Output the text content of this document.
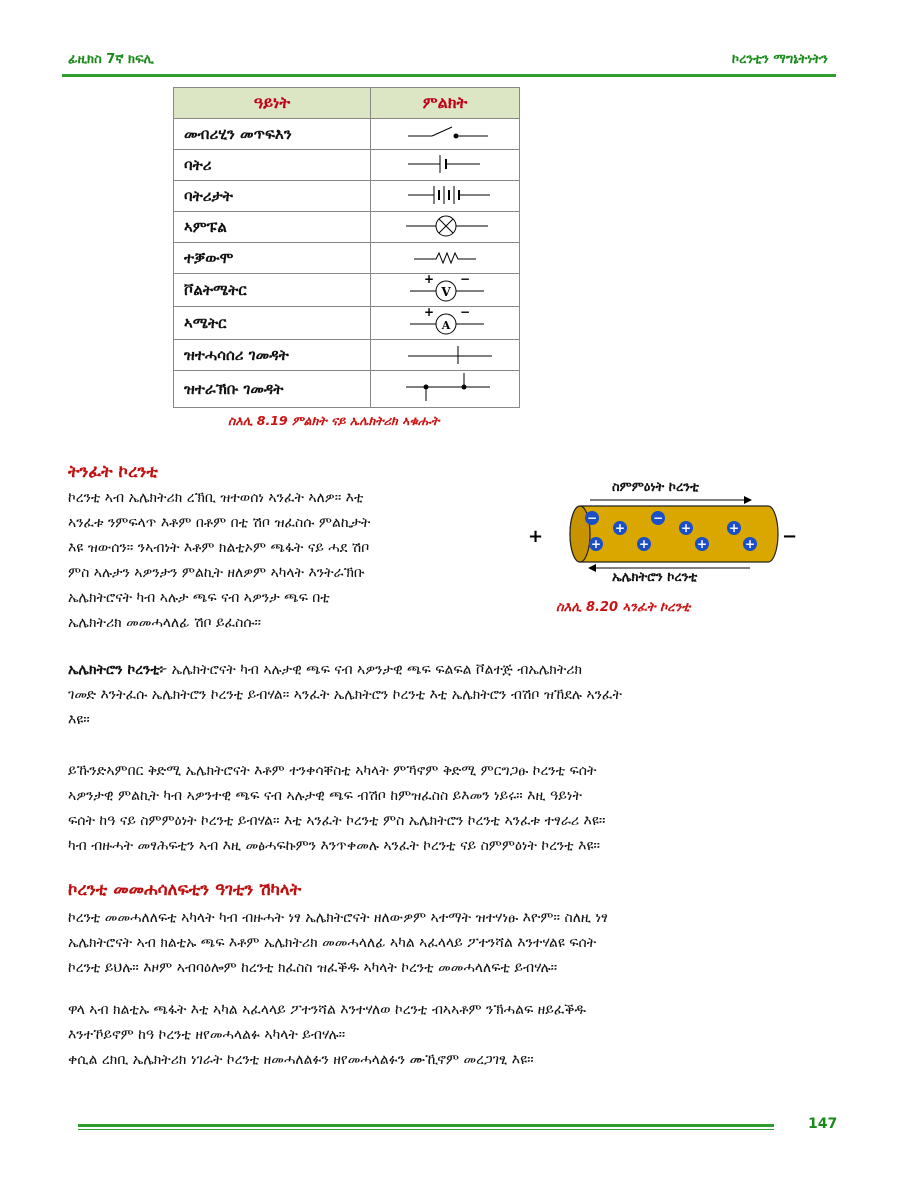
ፊዚክስ 7ኛ ክፍሊ	ኮረንቲን ማግኔትነትን
ዓይነት	ምልክት
መብሪሂን መጥፍእን	
ባትሪ	
ባትሪታት	
ኣምፑል	
ተቓውሞ	
ቮልትሜትር	+ −
V

ኣሜትር	+ −
A

ዝተሓሳሰሪ ገመዳት	
ዝተራኽቡ ገመዳት	
ስእሊ 8.19 ምልክት ናይ ኤሌክትሪክ ኣቁሑት
ትንፈት ኮረንቲ
ኮረንቲ ኣብ ኤሌክትሪክ ረኽቢ ዝተወሰነ ኣንፈት ኣለዎ። እቲ
ኣንፈቱ ንምፍላጥ እቶም በቶም በቲ ሽቦ ዝፈስሱ ምልኪታት
እዩ ዝውሰን። ንኣብነት እቶም ክልቲኦም ጫፋት ናይ ሓደ ሽቦ
ምስ ኣሉታን ኣዎንታን ምልኪት ዘለዎም ኣካላት እንትራኽቡ
ኤሌክትሮናት ካብ ኣሉታ ጫፍ ናብ ኣዎንታ ጫፍ በቲ
ኤሌክትሪክ መመሓላለፊ ሽቦ ይፈስሱ።
−	−
+	+	+
+	+	+	+
+	−
ስምምዕነት ኮረንቲ
ኤሌክትሮን ኮረንቲ
ስእሊ 8.20 ኣንፈት ኮረንቲ
ኤሌክትሮን ኮረንቲ፦ ኤሌክትሮናት ካብ ኣሉታዊ ጫፍ ናብ ኣዎንታዊ ጫፍ ፍልፍል ቮልተጅ ብኤሌክትሪክ
ገመድ እንትፈሱ ኤሌክትሮን ኮረንቲ ይብሃል። ኣንፈት ኤሌክትሮን ኮረንቲ እቲ ኤሌክትሮን ብሽቦ ዝኸደሉ ኣንፈት
እዩ።
ይኹንድኣምበር ቅድሚ ኤሌክትሮናት እቶም ተንቀሳቐስቲ ኣካላት ምኻኖም ቅድሚ ምርግጋፁ ኮረንቲ ፍሰት
ኣዎንታዊ ምልኪት ካብ ኣዎንተዊ ጫፍ ናብ ኣሉታዊ ጫፍ ብሽቦ ከምዝፈስስ ይእመን ነይሩ። እዚ ዓይነት
ፍሰት ከዓ ናይ ስምምዕነት ኮረንቲ ይብሃል። እቲ ኣንፈት ኮረንቲ ምስ ኤሌክትሮን ኮረንቲ ኣንፈቱ ተፃራሪ እዩ።
ካብ ብዙሓት መፃሕፍቲን ኣብ እዚ መፅሓፍኩምን እንጥቀመሉ ኣንፈት ኮረንቲ ናይ ስምምዕነት ኮረንቲ እዩ።
ኮረንቲ መመሐሳለፍቲን ዓገቲን ሽካላት
ኮረንቲ መመሓለለፍቲ ኣካላት ካብ ብዙሓት ነፃ ኤሌክትሮናት ዘለውዎም ኣተማት ዝተሃነፁ እዮም። ስለዚ ነፃ
ኤሌክትሮናት ኣብ ክልቲኡ ጫፍ እቶም ኤሌክትሪክ መመሓላለፊ ኣካል ኣፈላላይ ፖተንሻል እንተሃልዩ ፍሰት
ኮረንቲ ይህሉ። እዞም ኣብባዕሎም ከረንቲ ክፈስስ ዝፈቕዱ ኣካላት ኮረንቲ መመሓላለፍቲ ይብሃሉ።
ዋላ ኣብ ክልቲኡ ጫፋት እቲ ኣካል ኣፈላላይ ፖተንሻል እንተሃለወ ኮረንቲ ብኣኣቶም ንኽሓልፍ ዘይፈቕዱ
እንተኾይኖም ከዓ ኮረንቲ ዘየመሓላልፉ ኣካላት ይብሃሉ።
ቀሲል ረክቢ ኤሌክትሪክ ነገራት ኮረንቲ ዘመሓለልፉን ዘየመሓላልፉን ሙኺኖም መረጋገፂ እዩ።
147
